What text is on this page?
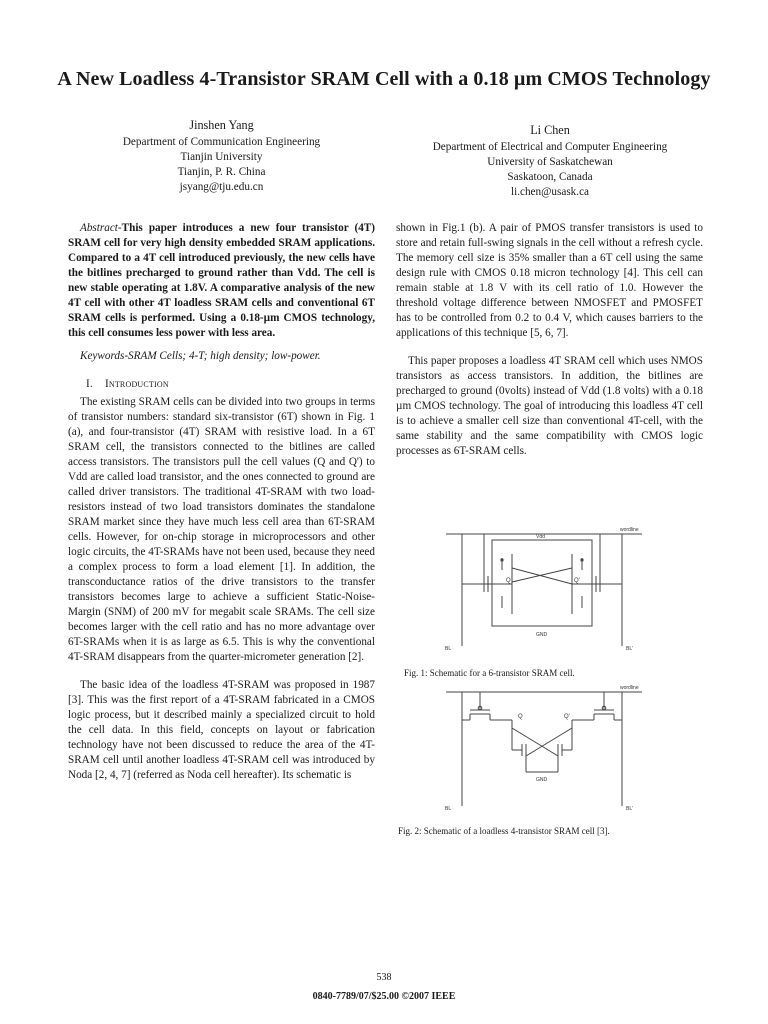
A New Loadless 4-Transistor SRAM Cell with a 0.18 µm CMOS Technology
Jinshen Yang
Department of Communication Engineering
Tianjin University
Tianjin, P. R. China
jsyang@tju.edu.cn
Li Chen
Department of Electrical and Computer Engineering
University of Saskatchewan
Saskatoon, Canada
li.chen@usask.ca

Abstract-This paper introduces a new four transistor (4T) SRAM cell for very high density embedded SRAM applications. Compared to a 4T cell introduced previously, the new cells have the bitlines precharged to ground rather than Vdd. The cell is new stable operating at 1.8V. A comparative analysis of the new 4T cell with other 4T loadless SRAM cells and conventional 6T SRAM cells is performed. Using a 0.18-µm CMOS technology, this cell consumes less power with less area.

Keywords-SRAM Cells; 4-T; high density; low-power.

I. Introduction

The existing SRAM cells can be divided into two groups in terms of transistor numbers: standard six-transistor (6T) shown in Fig. 1 (a), and four-transistor (4T) SRAM with resistive load. In a 6T SRAM cell, the transistors connected to the bitlines are called access transistors. The transistors pull the cell values (Q and Q') to Vdd are called load transistor, and the ones connected to ground are called driver transistors. The traditional 4T-SRAM with two load-resistors instead of two load transistors dominates the standalone SRAM market since they have much less cell area than 6T-SRAM cells. However, for on-chip storage in microprocessors and other logic circuits, the 4T-SRAMs have not been used, because they need a complex process to form a load element [1]. In addition, the transconductance ratios of the drive transistors to the transfer transistors becomes large to achieve a sufficient Static-Noise-Margin (SNM) of 200 mV for megabit scale SRAMs. The cell size becomes larger with the cell ratio and has no more advantage over 6T-SRAMs when it is as large as 6.5. This is why the conventional 4T-SRAM disappears from the quarter-micrometer generation [2].

The basic idea of the loadless 4T-SRAM was proposed in 1987 [3]. This was the first report of a 4T-SRAM fabricated in a CMOS logic process, but it described mainly a specialized circuit to hold the cell data. In this field, concepts on layout or fabrication technology have not been discussed to reduce the area of the 4T-SRAM cell until another loadless 4T-SRAM cell was introduced by Noda [2, 4, 7] (referred as Noda cell hereafter). Its schematic is

shown in Fig.1 (b). A pair of PMOS transfer transistors is used to store and retain full-swing signals in the cell without a refresh cycle. The memory cell size is 35% smaller than a 6T cell using the same design rule with CMOS 0.18 micron technology [4]. This cell can remain stable at 1.8 V with its cell ratio of 1.0. However the threshold voltage difference between NMOSFET and PMOSFET has to be controlled from 0.2 to 0.4 V, which causes barriers to the applications of this technique [5, 6, 7].

This paper proposes a loadless 4T SRAM cell which uses NMOS transistors as access transistors. In addition, the bitlines are precharged to ground (0volts) instead of Vdd (1.8 volts) with a 0.18 µm CMOS technology. The goal of introducing this loadless 4T cell is to achieve a smaller cell size than conventional 4T-cell, with the same stability and the same compatibility with CMOS logic processes as 6T-SRAM cells.

wordline
Vdd
Q	Q'
GND
BL	BL'
Fig. 1: Schematic for a 6-transistor SRAM cell.
wordline
Q	Q'
GND
BL	BL'
Fig. 2: Schematic of a loadless 4-transistor SRAM cell [3].
538
0840-7789/07/$25.00 ©2007 IEEE
